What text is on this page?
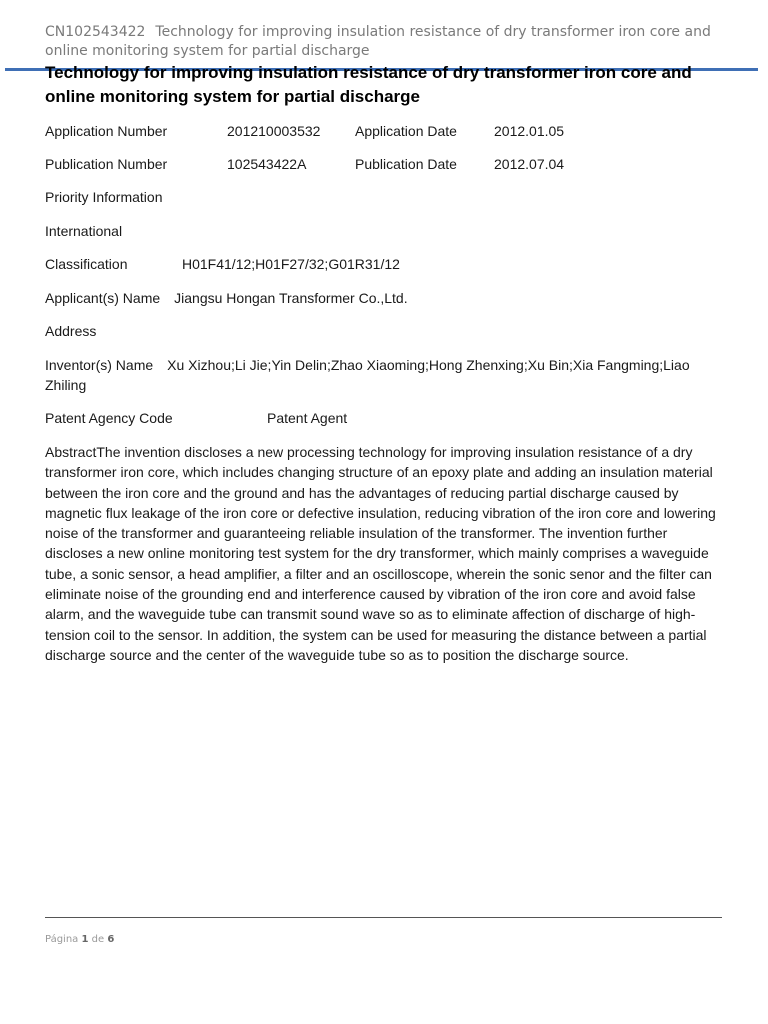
CN102543422 Technology for improving insulation resistance of dry transformer iron core and online monitoring system for partial discharge
Technology for improving insulation resistance of dry transformer iron core and online monitoring system for partial discharge
Application Number	201210003532 Application Date	2012.01.05
Publication Number	102543422A	Publication Date	2012.07.04
Priority Information
International
Classification	H01F41/12;H01F27/32;G01R31/12
Applicant(s) Name Jiangsu Hongan Transformer Co.,Ltd.
Address
Inventor(s) Name Xu Xizhou;Li Jie;Yin Delin;Zhao Xiaoming;Hong Zhenxing;Xu Bin;Xia Fangming;Liao Zhiling
Patent Agency Code	Patent Agent

AbstractThe invention discloses a new processing technology for improving insulation resistance of a dry transformer iron core, which includes changing structure of an epoxy plate and adding an insulation material between the iron core and the ground and has the advantages of reducing partial discharge caused by magnetic flux leakage of the iron core or defective insulation, reducing vibration of the iron core and lowering noise of the transformer and guaranteeing reliable insulation of the transformer. The invention further discloses a new online monitoring test system for the dry transformer, which mainly comprises a waveguide tube, a sonic sensor, a head amplifier, a filter and an oscilloscope, wherein the sonic senor and the filter can eliminate noise of the grounding end and interference caused by vibration of the iron core and avoid false alarm, and the waveguide tube can transmit sound wave so as to eliminate affection of discharge of high-tension coil to the sensor. In addition, the system can be used for measuring the distance between a partial discharge source and the center of the waveguide tube so as to position the discharge source.

Página 1 de 6
